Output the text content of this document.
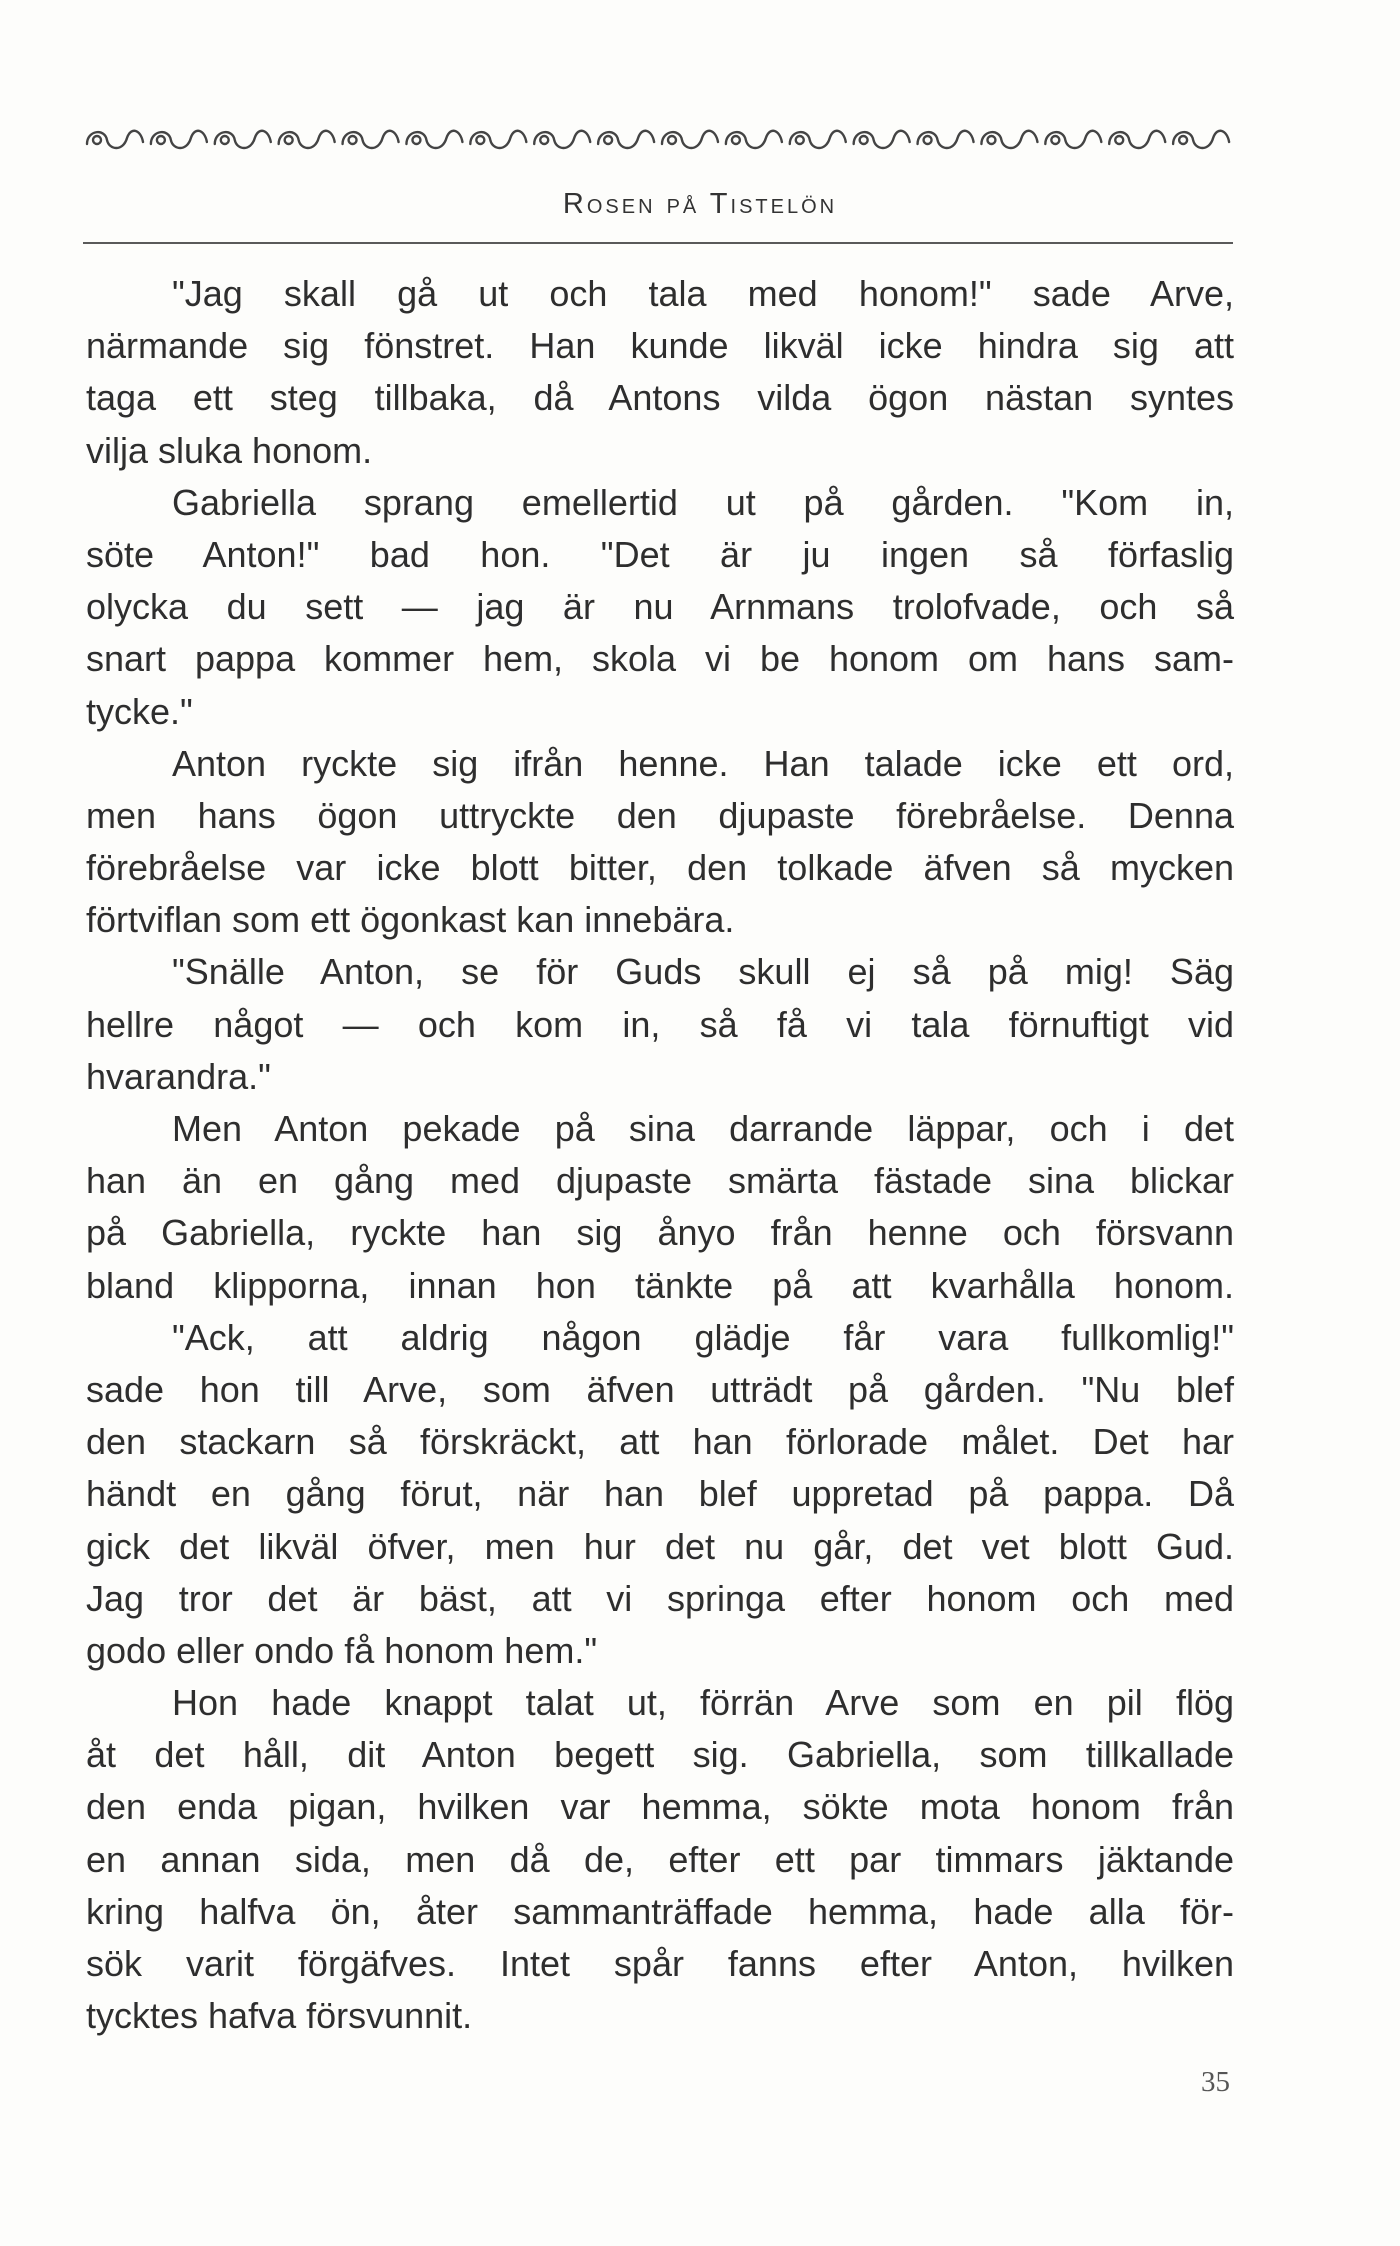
Rosen på Tistelön
"Jag skall gå ut och tala med honom!" sade Arve,
närmande sig fönstret. Han kunde likväl icke hindra sig att
taga ett steg tillbaka, då Antons vilda ögon nästan syntes
vilja sluka honom.
Gabriella sprang emellertid ut på gården. "Kom in,
söte Anton!" bad hon. "Det är ju ingen så förfaslig
olycka du sett — jag är nu Arnmans trolofvade, och så
snart pappa kommer hem, skola vi be honom om hans sam-
tycke."
Anton ryckte sig ifrån henne. Han talade icke ett ord,
men hans ögon uttryckte den djupaste förebråelse. Denna
förebråelse var icke blott bitter, den tolkade äfven så mycken
förtviflan som ett ögonkast kan innebära.
"Snälle Anton, se för Guds skull ej så på mig! Säg
hellre något — och kom in, så få vi tala förnuftigt vid
hvarandra."
Men Anton pekade på sina darrande läppar, och i det
han än en gång med djupaste smärta fästade sina blickar
på Gabriella, ryckte han sig ånyo från henne och försvann
bland klipporna, innan hon tänkte på att kvarhålla honom.
"Ack, att aldrig någon glädje får vara fullkomlig!"
sade hon till Arve, som äfven utträdt på gården. "Nu blef
den stackarn så förskräckt, att han förlorade målet. Det har
händt en gång förut, när han blef uppretad på pappa. Då
gick det likväl öfver, men hur det nu går, det vet blott Gud.
Jag tror det är bäst, att vi springa efter honom och med
godo eller ondo få honom hem."
Hon hade knappt talat ut, förrän Arve som en pil flög
åt det håll, dit Anton begett sig. Gabriella, som tillkallade
den enda pigan, hvilken var hemma, sökte mota honom från
en annan sida, men då de, efter ett par timmars jäktande
kring halfva ön, åter sammanträffade hemma, hade alla för-
sök varit förgäfves. Intet spår fanns efter Anton, hvilken
tycktes hafva försvunnit.
35
